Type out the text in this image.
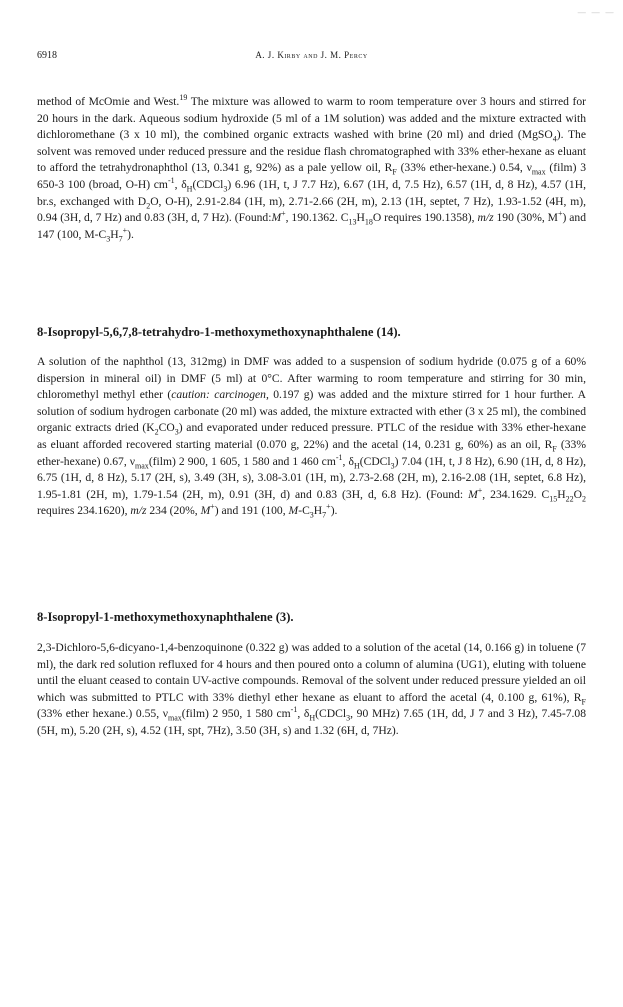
— — —
6918	A. J. Kirby and J. M. Percy

method of McOmie and West.$^{19}$ The mixture was allowed to warm to room temperature over 3 hours and stirred for 20 hours in the dark. Aqueous sodium hydroxide (5 ml of a 1M solution) was added and the mixture extracted with dichloromethane (3 x 10 ml), the combined organic extracts washed with brine (20 ml) and dried (MgSO$_4$). The solvent was removed under reduced pressure and the residue flash chromatographed with 33% ether-hexane as eluant to afford the tetrahydronaphthol (13, 0.341 g, 92%) as a pale yellow oil, $R_F$ (33% ether-hexane.) 0.54, $\nu_{max}$ (film) 3 650-3 100 (broad, O-H) $cm^{-1}$, $\delta_H(CDCl_3)$ 6.96 (1H, t, J 7.7 Hz), 6.67 (1H, d, 7.5 Hz), 6.57 (1H, d, 8 Hz), 4.57 (1H, br.s, exchanged with $D_2O$, O-H), 2.91-2.84 (1H, m), 2.71-2.66 (2H, m), 2.13 (1H, septet, 7 Hz), 1.93-1.52 (4H, m), 0.94 (3H, d, 7 Hz) and 0.83 (3H, d, 7 Hz). (Found:M+, 190.1362. $C_{13}H_{18}O$ requires 190.1358), m/z 190 (30%, M+) and 147 (100, $M-C_3H_7^+$).

8-Isopropyl-5,6,7,8-tetrahydro-1-methoxymethoxynaphthalene (14).

A solution of the naphthol (13, 312mg) in DMF was added to a suspension of sodium hydride (0.075 g of a 60% dispersion in mineral oil) in DMF (5 ml) at 0°C. After warming to room temperature and stirring for 30 min, chloromethyl methyl ether (caution: carcinogen, 0.197 g) was added and the mixture stirred for 1 hour further. A solution of sodium hydrogen carbonate (20 ml) was added, the mixture extracted with ether (3 x 25 ml), the combined organic extracts dried $(K_2CO_3)$ and evaporated under reduced pressure. PTLC of the residue with 33% ether-hexane as eluant afforded recovered starting material (0.070 g, 22%) and the acetal (14, 0.231 g, 60%) as an oil, $R_F$ (33% ether-hexane) 0.67, $\nu_{max}(film)$ 2 900, 1 605, 1 580 and 1 460 $cm^{-1}$, $\delta_H(CDCl_3)$ 7.04 (1H, t, J 8 Hz), 6.90 (1H, d, 8 Hz), 6.75 (1H, d, 8 Hz), 5.17 (2H, s), 3.49 (3H, s), 3.08-3.01 (1H, m), 2.73-2.68 (2H, m), 2.16-2.08 (1H, septet, 6.8 Hz), 1.95-1.81 (2H, m), 1.79-1.54 (2H, m), 0.91 (3H, d) and 0.83 (3H, d, 6.8 Hz). (Found: M+, 234.1629. $C_{15}H_{22}O_2$ requires 234.1620), m/z 234 (20%, M+) and 191 (100, $M-C_3H_7^+$).

8-Isopropyl-1-methoxymethoxynaphthalene (3).

2,3-Dichloro-5,6-dicyano-1,4-benzoquinone (0.322 g) was added to a solution of the acetal (14, 0.166 g) in toluene (7 ml), the dark red solution refluxed for 4 hours and then poured onto a column of alumina (UG1), eluting with toluene until the eluant ceased to contain UV-active compounds. Removal of the solvent under reduced pressure yielded an oil which was submitted to PTLC with 33% diethyl ether hexane as eluant to afford the acetal (4, 0.100 g, 61%), $R_F$ (33% ether hexane.) 0.55, $\nu_{max}(film)$ 2 950, 1 580 $cm^{-1}$, $\delta_H(CDCl_3$, 90 MHz) 7.65 (1H, dd, J 7 and 3 Hz), 7.45-7.08 (5H, m), 5.20 (2H, s), 4.52 (1H, spt, 7Hz), 3.50 (3H, s) and 1.32 (6H, d, 7Hz).
